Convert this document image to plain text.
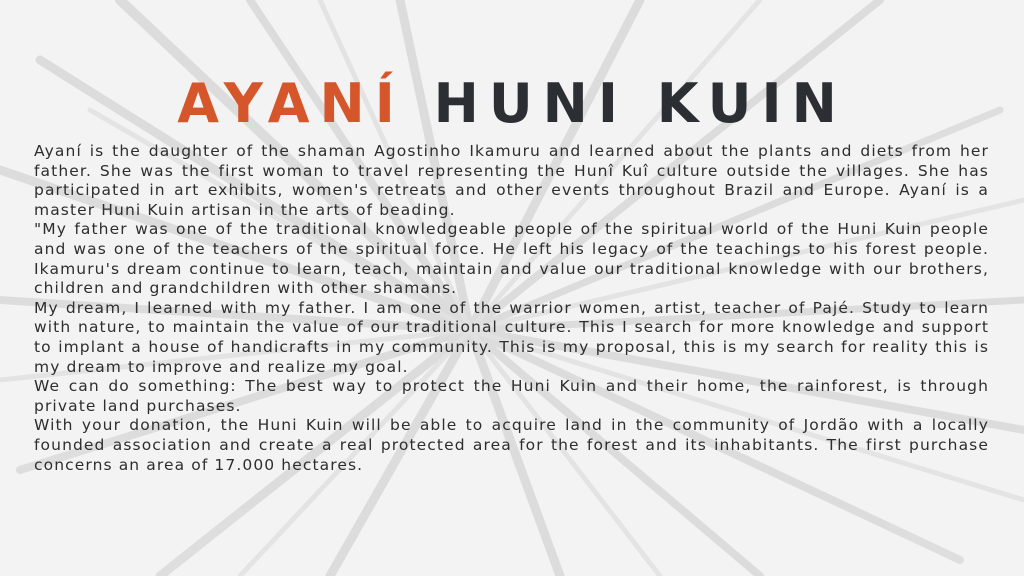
AYANÍ HUNI KUIN

Ayaní is the daughter of the shaman Agostinho Ikamuru and learned about the plants and diets from her father. She was the first woman to travel representing the Hunî Kuî culture outside the villages. She has participated in art exhibits, women's retreats and other events throughout Brazil and Europe. Ayaní is a master Huni Kuin artisan in the arts of beading.

"My father was one of the traditional knowledgeable people of the spiritual world of the Huni Kuin people and was one of the teachers of the spiritual force. He left his legacy of the teachings to his forest people. Ikamuru's dream continue to learn, teach, maintain and value our traditional knowledge with our brothers, children and grandchildren with other shamans.

My dream, I learned with my father. I am one of the warrior women, artist, teacher of Pajé. Study to learn with nature, to maintain the value of our traditional culture. This I search for more knowledge and support to implant a house of handicrafts in my community. This is my proposal, this is my search for reality this is my dream to improve and realize my goal.

We can do something: The best way to protect the Huni Kuin and their home, the rainforest, is through private land purchases.

With your donation, the Huni Kuin will be able to acquire land in the community of Jordão with a locally founded association and create a real protected area for the forest and its inhabitants. The first purchase concerns an area of 17.000 hectares.
